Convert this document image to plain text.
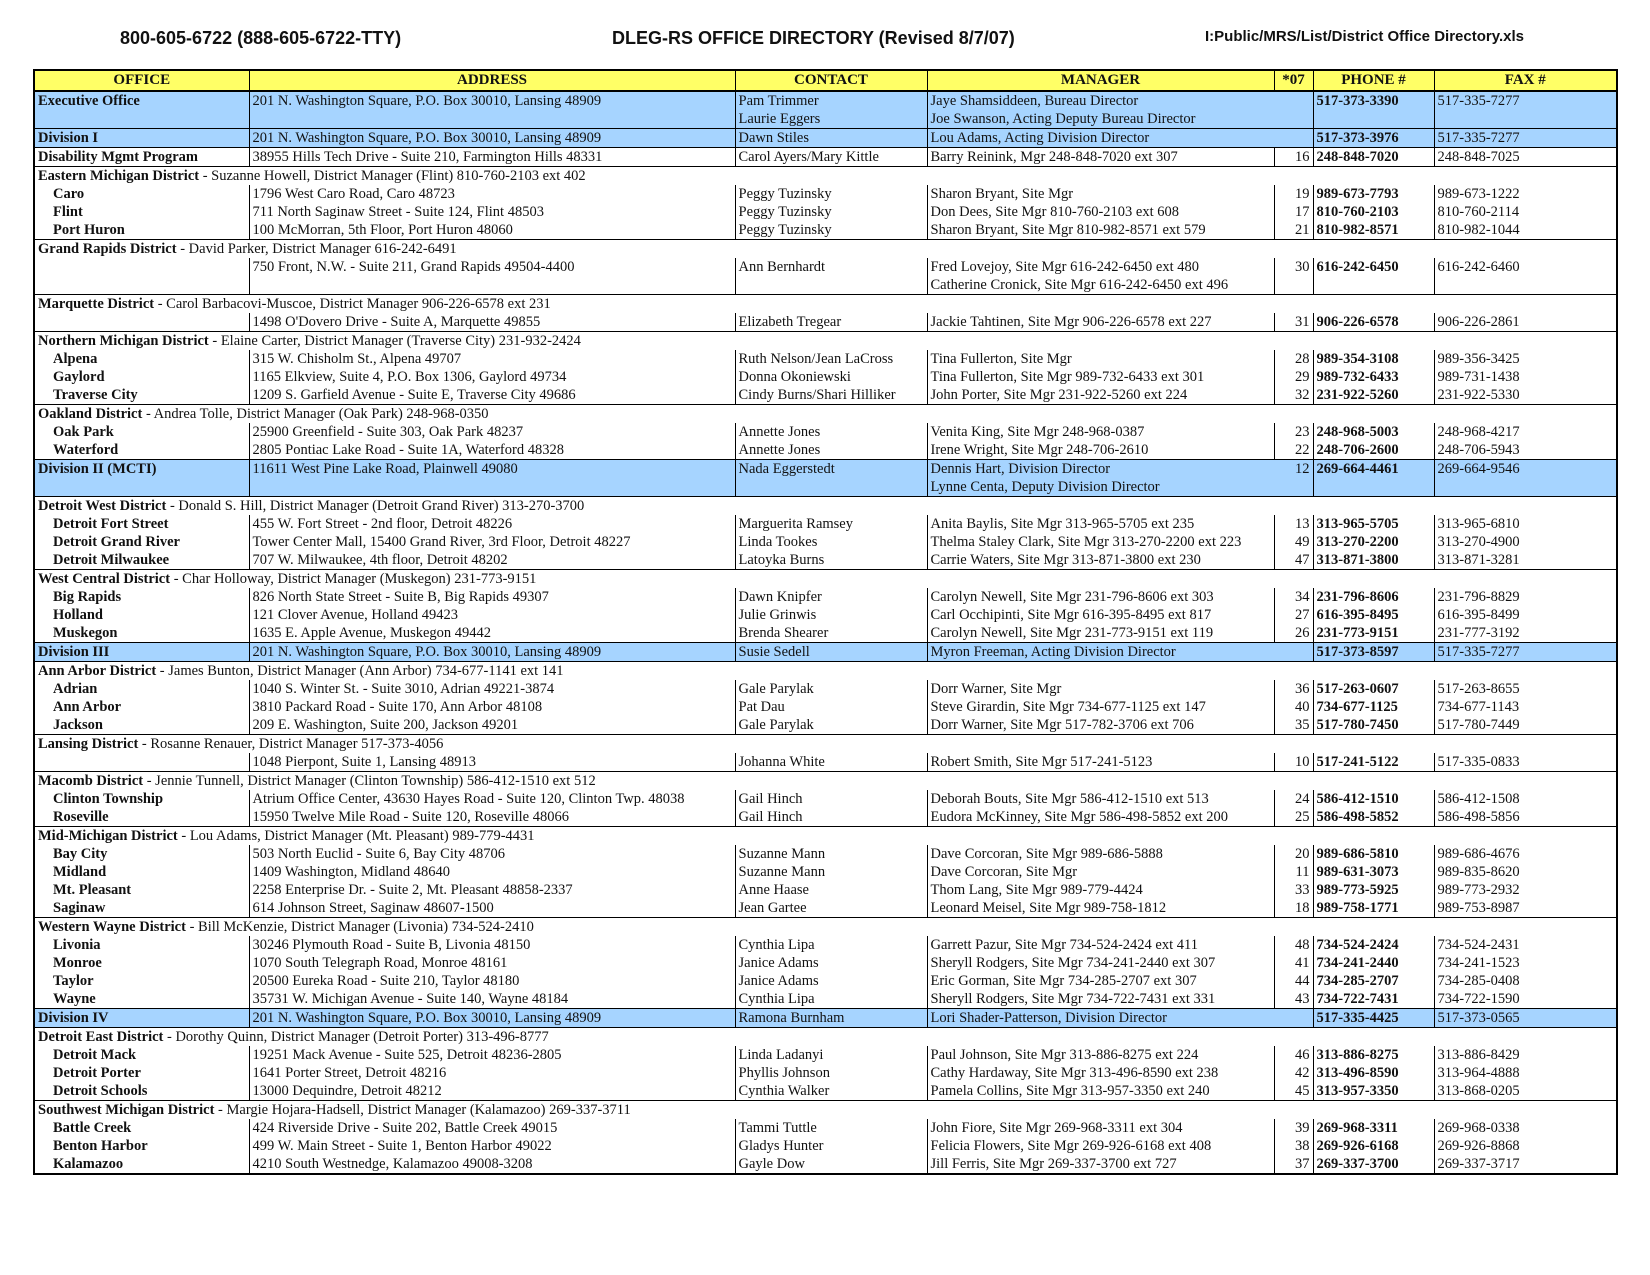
800-605-6722 (888-605-6722-TTY)	DLEG-RS OFFICE DIRECTORY (Revised 8/7/07)	I:Public/MRS/List/District Office Directory.xls
OFFICE	ADDRESS	CONTACT	MANAGER	*07	PHONE #	FAX #
Executive Office	201 N. Washington Square, P.O. Box 30010, Lansing 48909	Pam Trimmer	Jaye Shamsiddeen, Bureau Director		517-373-3390	517-335-7277
		Laurie Eggers	Joe Swanson, Acting Deputy Bureau Director			
Division I	201 N. Washington Square, P.O. Box 30010, Lansing 48909	Dawn Stiles	Lou Adams, Acting Division Director		517-373-3976	517-335-7277
Disability Mgmt Program	38955 Hills Tech Drive - Suite 210, Farmington Hills 48331	Carol Ayers/Mary Kittle	Barry Reinink, Mgr 248-848-7020 ext 307	16	248-848-7020	248-848-7025
Eastern Michigan District - Suzanne Howell, District Manager (Flint) 810-760-2103 ext 402						
Caro	1796 West Caro Road, Caro 48723	Peggy Tuzinsky	Sharon Bryant, Site Mgr	19	989-673-7793	989-673-1222
Flint	711 North Saginaw Street - Suite 124, Flint 48503	Peggy Tuzinsky	Don Dees, Site Mgr 810-760-2103 ext 608	17	810-760-2103	810-760-2114
Port Huron	100 McMorran, 5th Floor, Port Huron 48060	Peggy Tuzinsky	Sharon Bryant, Site Mgr 810-982-8571 ext 579	21	810-982-8571	810-982-1044
Grand Rapids District - David Parker, District Manager 616-242-6491						
	750 Front, N.W. - Suite 211, Grand Rapids 49504-4400	Ann Bernhardt	Fred Lovejoy, Site Mgr 616-242-6450 ext 480	30	616-242-6450	616-242-6460
			Catherine Cronick, Site Mgr 616-242-6450 ext 496			
Marquette District - Carol Barbacovi-Muscoe, District Manager 906-226-6578 ext 231						
	1498 O'Dovero Drive - Suite A, Marquette 49855	Elizabeth Tregear	Jackie Tahtinen, Site Mgr 906-226-6578 ext 227	31	906-226-6578	906-226-2861
Northern Michigan District - Elaine Carter, District Manager (Traverse City) 231-932-2424						
Alpena	315 W. Chisholm St., Alpena 49707	Ruth Nelson/Jean LaCross	Tina Fullerton, Site Mgr	28	989-354-3108	989-356-3425
Gaylord	1165 Elkview, Suite 4, P.O. Box 1306, Gaylord 49734	Donna Okoniewski	Tina Fullerton, Site Mgr 989-732-6433 ext 301	29	989-732-6433	989-731-1438
Traverse City	1209 S. Garfield Avenue - Suite E, Traverse City 49686	Cindy Burns/Shari Hilliker	John Porter, Site Mgr 231-922-5260 ext 224	32	231-922-5260	231-922-5330
Oakland District - Andrea Tolle, District Manager (Oak Park) 248-968-0350						
Oak Park	25900 Greenfield - Suite 303, Oak Park 48237	Annette Jones	Venita King, Site Mgr 248-968-0387	23	248-968-5003	248-968-4217
Waterford	2805 Pontiac Lake Road - Suite 1A, Waterford 48328	Annette Jones	Irene Wright, Site Mgr 248-706-2610	22	248-706-2600	248-706-5943
Division II (MCTI)	11611 West Pine Lake Road, Plainwell 49080	Nada Eggerstedt	Dennis Hart, Division Director	12	269-664-4461	269-664-9546
			Lynne Centa, Deputy Division Director			
Detroit West District - Donald S. Hill, District Manager (Detroit Grand River) 313-270-3700						
Detroit Fort Street	455 W. Fort Street - 2nd floor, Detroit 48226	Marguerita Ramsey	Anita Baylis, Site Mgr 313-965-5705 ext 235	13	313-965-5705	313-965-6810
Detroit Grand River	Tower Center Mall, 15400 Grand River, 3rd Floor, Detroit 48227	Linda Tookes	Thelma Staley Clark, Site Mgr 313-270-2200 ext 223	49	313-270-2200	313-270-4900
Detroit Milwaukee	707 W. Milwaukee, 4th floor, Detroit 48202	Latoyka Burns	Carrie Waters, Site Mgr 313-871-3800 ext 230	47	313-871-3800	313-871-3281
West Central District - Char Holloway, District Manager (Muskegon) 231-773-9151						
Big Rapids	826 North State Street - Suite B, Big Rapids 49307	Dawn Knipfer	Carolyn Newell, Site Mgr 231-796-8606 ext 303	34	231-796-8606	231-796-8829
Holland	121 Clover Avenue, Holland 49423	Julie Grinwis	Carl Occhipinti, Site Mgr 616-395-8495 ext 817	27	616-395-8495	616-395-8499
Muskegon	1635 E. Apple Avenue, Muskegon 49442	Brenda Shearer	Carolyn Newell, Site Mgr 231-773-9151 ext 119	26	231-773-9151	231-777-3192
Division III	201 N. Washington Square, P.O. Box 30010, Lansing 48909	Susie Sedell	Myron Freeman, Acting Division Director		517-373-8597	517-335-7277
Ann Arbor District - James Bunton, District Manager (Ann Arbor) 734-677-1141 ext 141						
Adrian	1040 S. Winter St. - Suite 3010, Adrian 49221-3874	Gale Parylak	Dorr Warner, Site Mgr	36	517-263-0607	517-263-8655
Ann Arbor	3810 Packard Road - Suite 170, Ann Arbor 48108	Pat Dau	Steve Girardin, Site Mgr 734-677-1125 ext 147	40	734-677-1125	734-677-1143
Jackson	209 E. Washington, Suite 200, Jackson 49201	Gale Parylak	Dorr Warner, Site Mgr 517-782-3706 ext 706	35	517-780-7450	517-780-7449
Lansing District - Rosanne Renauer, District Manager 517-373-4056						
	1048 Pierpont, Suite 1, Lansing 48913	Johanna White	Robert Smith, Site Mgr 517-241-5123	10	517-241-5122	517-335-0833
Macomb District - Jennie Tunnell, District Manager (Clinton Township) 586-412-1510 ext 512						
Clinton Township	Atrium Office Center, 43630 Hayes Road - Suite 120, Clinton Twp. 48038	Gail Hinch	Deborah Bouts, Site Mgr 586-412-1510 ext 513	24	586-412-1510	586-412-1508
Roseville	15950 Twelve Mile Road - Suite 120, Roseville 48066	Gail Hinch	Eudora McKinney, Site Mgr 586-498-5852 ext 200	25	586-498-5852	586-498-5856
Mid-Michigan District - Lou Adams, District Manager (Mt. Pleasant) 989-779-4431						
Bay City	503 North Euclid - Suite 6, Bay City 48706	Suzanne Mann	Dave Corcoran, Site Mgr 989-686-5888	20	989-686-5810	989-686-4676
Midland	1409 Washington, Midland 48640	Suzanne Mann	Dave Corcoran, Site Mgr	11	989-631-3073	989-835-8620
Mt. Pleasant	2258 Enterprise Dr. - Suite 2, Mt. Pleasant 48858-2337	Anne Haase	Thom Lang, Site Mgr 989-779-4424	33	989-773-5925	989-773-2932
Saginaw	614 Johnson Street, Saginaw 48607-1500	Jean Gartee	Leonard Meisel, Site Mgr 989-758-1812	18	989-758-1771	989-753-8987
Western Wayne District - Bill McKenzie, District Manager (Livonia) 734-524-2410						
Livonia	30246 Plymouth Road - Suite B, Livonia 48150	Cynthia Lipa	Garrett Pazur, Site Mgr 734-524-2424 ext 411	48	734-524-2424	734-524-2431
Monroe	1070 South Telegraph Road, Monroe 48161	Janice Adams	Sheryll Rodgers, Site Mgr 734-241-2440 ext 307	41	734-241-2440	734-241-1523
Taylor	20500 Eureka Road - Suite 210, Taylor 48180	Janice Adams	Eric Gorman, Site Mgr 734-285-2707 ext 307	44	734-285-2707	734-285-0408
Wayne	35731 W. Michigan Avenue - Suite 140, Wayne 48184	Cynthia Lipa	Sheryll Rodgers, Site Mgr 734-722-7431 ext 331	43	734-722-7431	734-722-1590
Division IV	201 N. Washington Square, P.O. Box 30010, Lansing 48909	Ramona Burnham	Lori Shader-Patterson, Division Director		517-335-4425	517-373-0565
Detroit East District - Dorothy Quinn, District Manager (Detroit Porter) 313-496-8777						
Detroit Mack	19251 Mack Avenue - Suite 525, Detroit 48236-2805	Linda Ladanyi	Paul Johnson, Site Mgr 313-886-8275 ext 224	46	313-886-8275	313-886-8429
Detroit Porter	1641 Porter Street, Detroit 48216	Phyllis Johnson	Cathy Hardaway, Site Mgr 313-496-8590 ext 238	42	313-496-8590	313-964-4888
Detroit Schools	13000 Dequindre, Detroit 48212	Cynthia Walker	Pamela Collins, Site Mgr 313-957-3350 ext 240	45	313-957-3350	313-868-0205
Southwest Michigan District - Margie Hojara-Hadsell, District Manager (Kalamazoo) 269-337-3711						
Battle Creek	424 Riverside Drive - Suite 202, Battle Creek 49015	Tammi Tuttle	John Fiore, Site Mgr 269-968-3311 ext 304	39	269-968-3311	269-968-0338
Benton Harbor	499 W. Main Street - Suite 1, Benton Harbor 49022	Gladys Hunter	Felicia Flowers, Site Mgr 269-926-6168 ext 408	38	269-926-6168	269-926-8868
Kalamazoo	4210 South Westnedge, Kalamazoo 49008-3208	Gayle Dow	Jill Ferris, Site Mgr 269-337-3700 ext 727	37	269-337-3700	269-337-3717
